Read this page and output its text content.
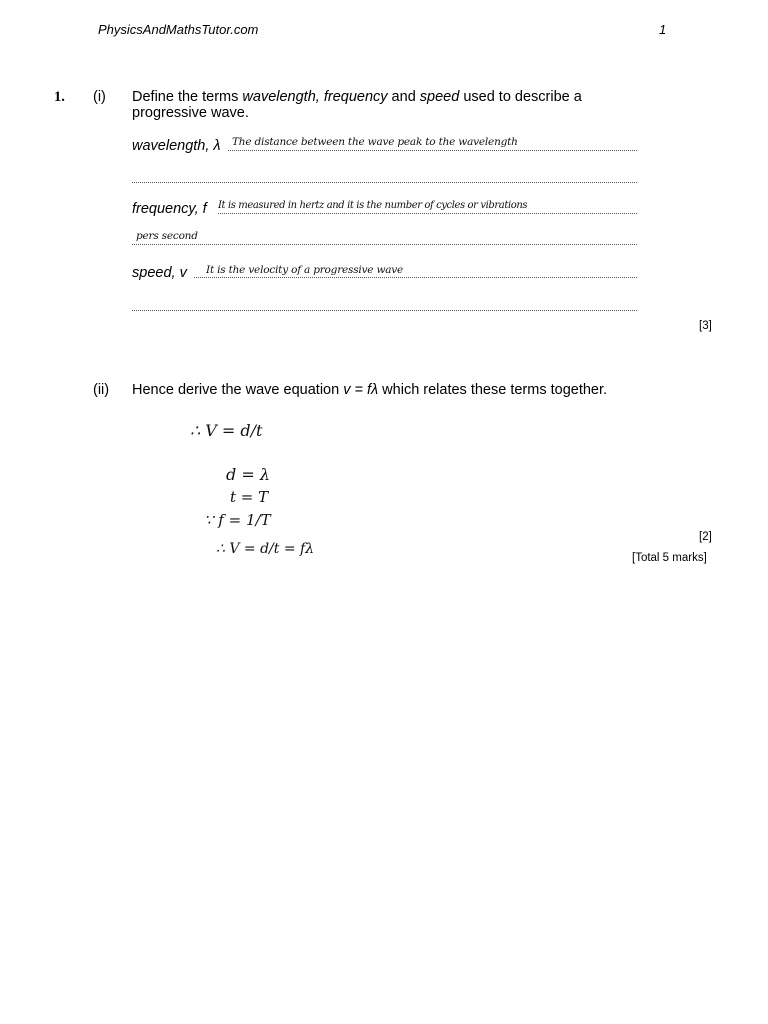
PhysicsAndMathsTutor.com	1
1. (i) Define the terms wavelength, frequency and speed used to describe a
progressive wave.
wavelength, λ The distance between the wave peak to the wavelength
frequency, f It is measured in hertz and it is the number of cycles or vibrations
pers second
speed, v It is the velocity of a progressive wave
[3]
(ii) Hence derive the wave equation v = fλ which relates these terms together.
∴ V = d/t
d = λ
t = T
∵ f = 1/T
∴ V = d/t = fλ
[2]
[Total 5 marks]
